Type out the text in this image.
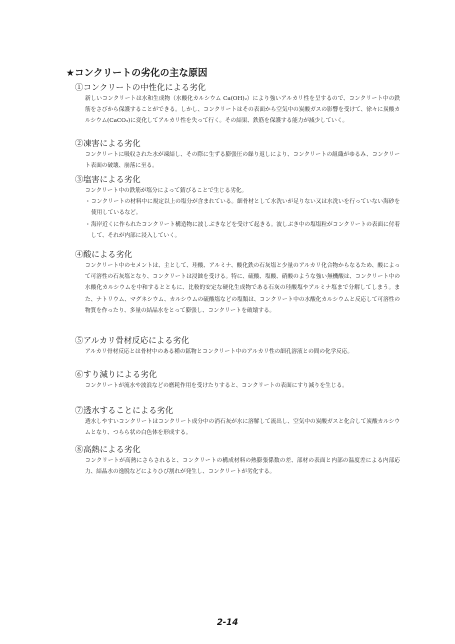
★コンクリートの劣化の主な原因
①コンクリートの中性化による劣化
新しいコンクリートは水和生成物（水酸化カルシウム Ca(OH)₂）により強いアルカリ性を呈するので、コンクリート中の鉄筋をさびから保護することができる。しかし、コンクリートはその表面から空気中の炭酸ガスの影響を受けて、徐々に炭酸カルシウム(CaCO₃)に変化してアルカリ性を失って行く。その結果、鉄筋を保護する能力が減少していく。
②凍害による劣化
コンクリートに吸収された水が凍結し、その際に生ずる膨張圧の繰り返しにより、コンクリートの組織がゆるみ、コンクリート表面の破壊、崩落に至る。
③塩害による劣化
コンクリート中の鉄筋が塩分によって錆びることで生じる劣化。
・ コンクリートの材料中に規定以上の塩分が含まれている。細骨材として水洗いが足りない又は水洗いを行っていない海砂を使用しているなど。
・ 海岸近くに作られたコンクリート構造物に波しぶきなどを受けて起きる。波しぶき中の塩塩粒がコンクリートの表面に付着して、それが内部に浸入していく。
④酸による劣化
コンクリート中のセメントは、主として、珪酸、アルミナ、酸化鉄の石灰塩と少量のアルカリ化合物からなるため、酸によって可溶性の石灰塩となり、コンクリートは浸蝕を受ける。特に、硫酸、塩酸、硝酸のような強い無機酸は、コンクリート中の水酸化カルシウムを中和するとともに、比較的安定な硬化生成物である石灰の珪酸塩やアルミナ塩まで分解してしまう。また、ナトリウム、マグネシウム、カルシウムの硫酸塩などの塩類は、コンクリート中の水酸化カルシウムと反応して可溶性の物質を作ったり、多量の結晶水をとって膨張し、コンクリートを破壊する。
⑤アルカリ骨材反応による劣化
アルカリ骨材反応とは骨材中のある種の鉱物とコンクリート中のアルカリ性の細孔溶液との間の化学反応。
⑥すり減りによる劣化
コンクリートが流水や波浪などの磨耗作用を受けたりすると、コンクリートの表面にすり減りを生じる。
⑦透水することによる劣化
透水しやすいコンクリートはコンクリート成分中の消石灰が水に溶解して流出し、空気中の炭酸ガスと化合して炭酸カルシウムとなり、つらら状の白色体を形成する。
⑧高熱による劣化
コンクリートが高熱にさらされると、コンクリートの構成材料の熱膨張係数の差、部材の表面と内部の温度差による内部応力、結晶水の逸脱などによりひび割れが発生し、コンクリートが劣化する。
2-14
